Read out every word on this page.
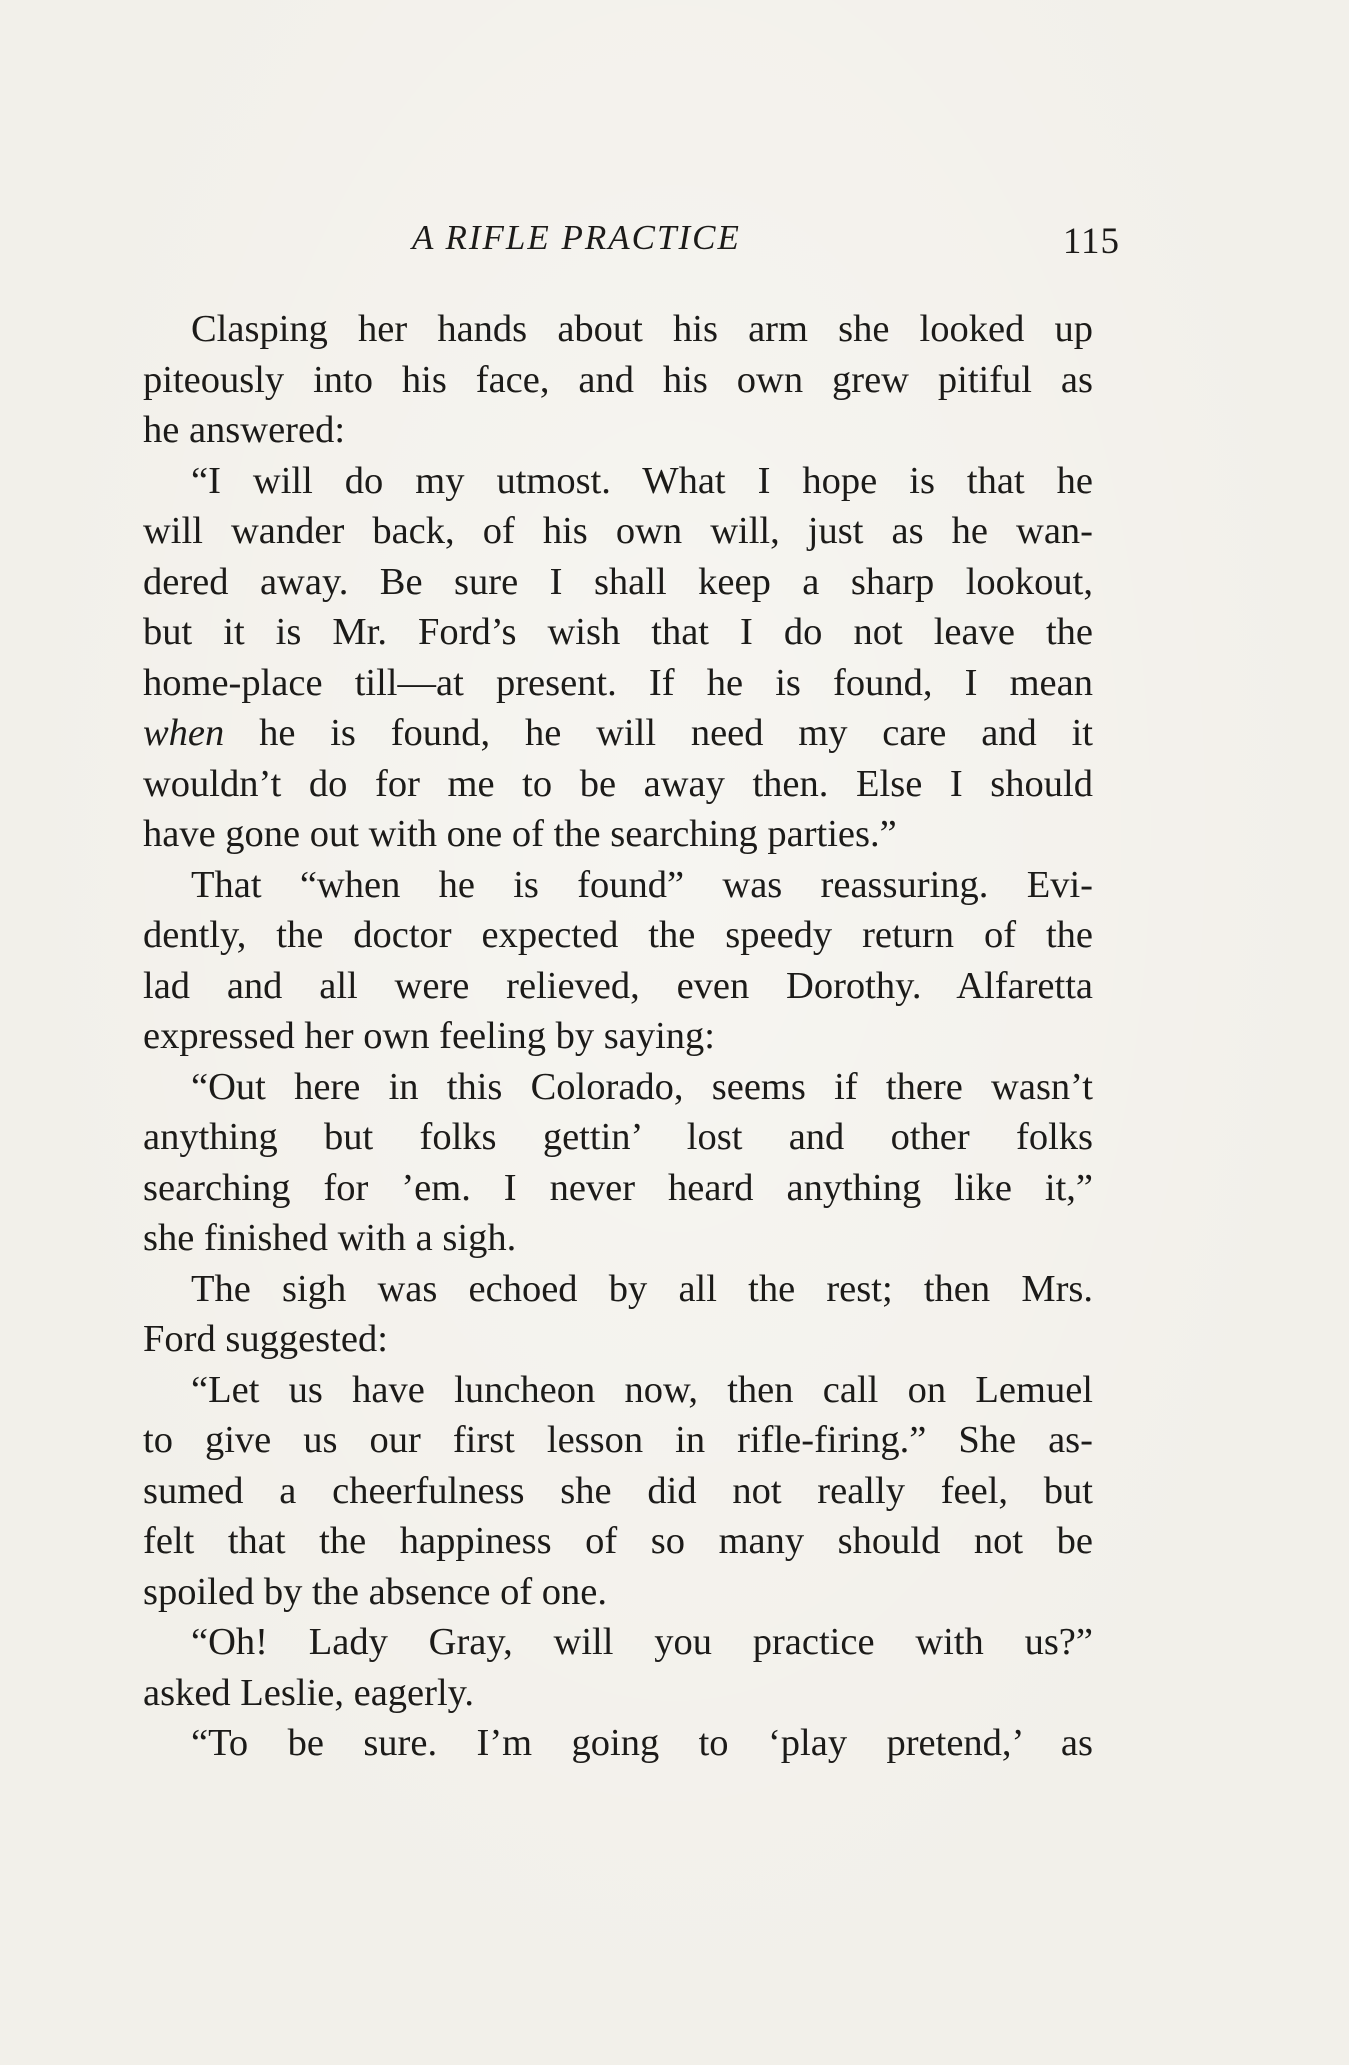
A RIFLE PRACTICE	115
Clasping her hands about his arm she looked up
piteously into his face, and his own grew pitiful as
he answered:
“I will do my utmost. What I hope is that he
will wander back, of his own will, just as he wan-
dered away. Be sure I shall keep a sharp lookout,
but it is Mr. Ford’s wish that I do not leave the
home-place till—at present. If he is found, I mean
when he is found, he will need my care and it
wouldn’t do for me to be away then. Else I should
have gone out with one of the searching parties.”
That “when he is found” was reassuring. Evi-
dently, the doctor expected the speedy return of the
lad and all were relieved, even Dorothy. Alfaretta
expressed her own feeling by saying:
“Out here in this Colorado, seems if there wasn’t
anything but folks gettin’ lost and other folks
searching for ’em. I never heard anything like it,”
she finished with a sigh.
The sigh was echoed by all the rest; then Mrs.
Ford suggested:
“Let us have luncheon now, then call on Lemuel
to give us our first lesson in rifle-firing.” She as-
sumed a cheerfulness she did not really feel, but
felt that the happiness of so many should not be
spoiled by the absence of one.
“Oh! Lady Gray, will you practice with us?”
asked Leslie, eagerly.
“To be sure. I’m going to ‘play pretend,’ as
